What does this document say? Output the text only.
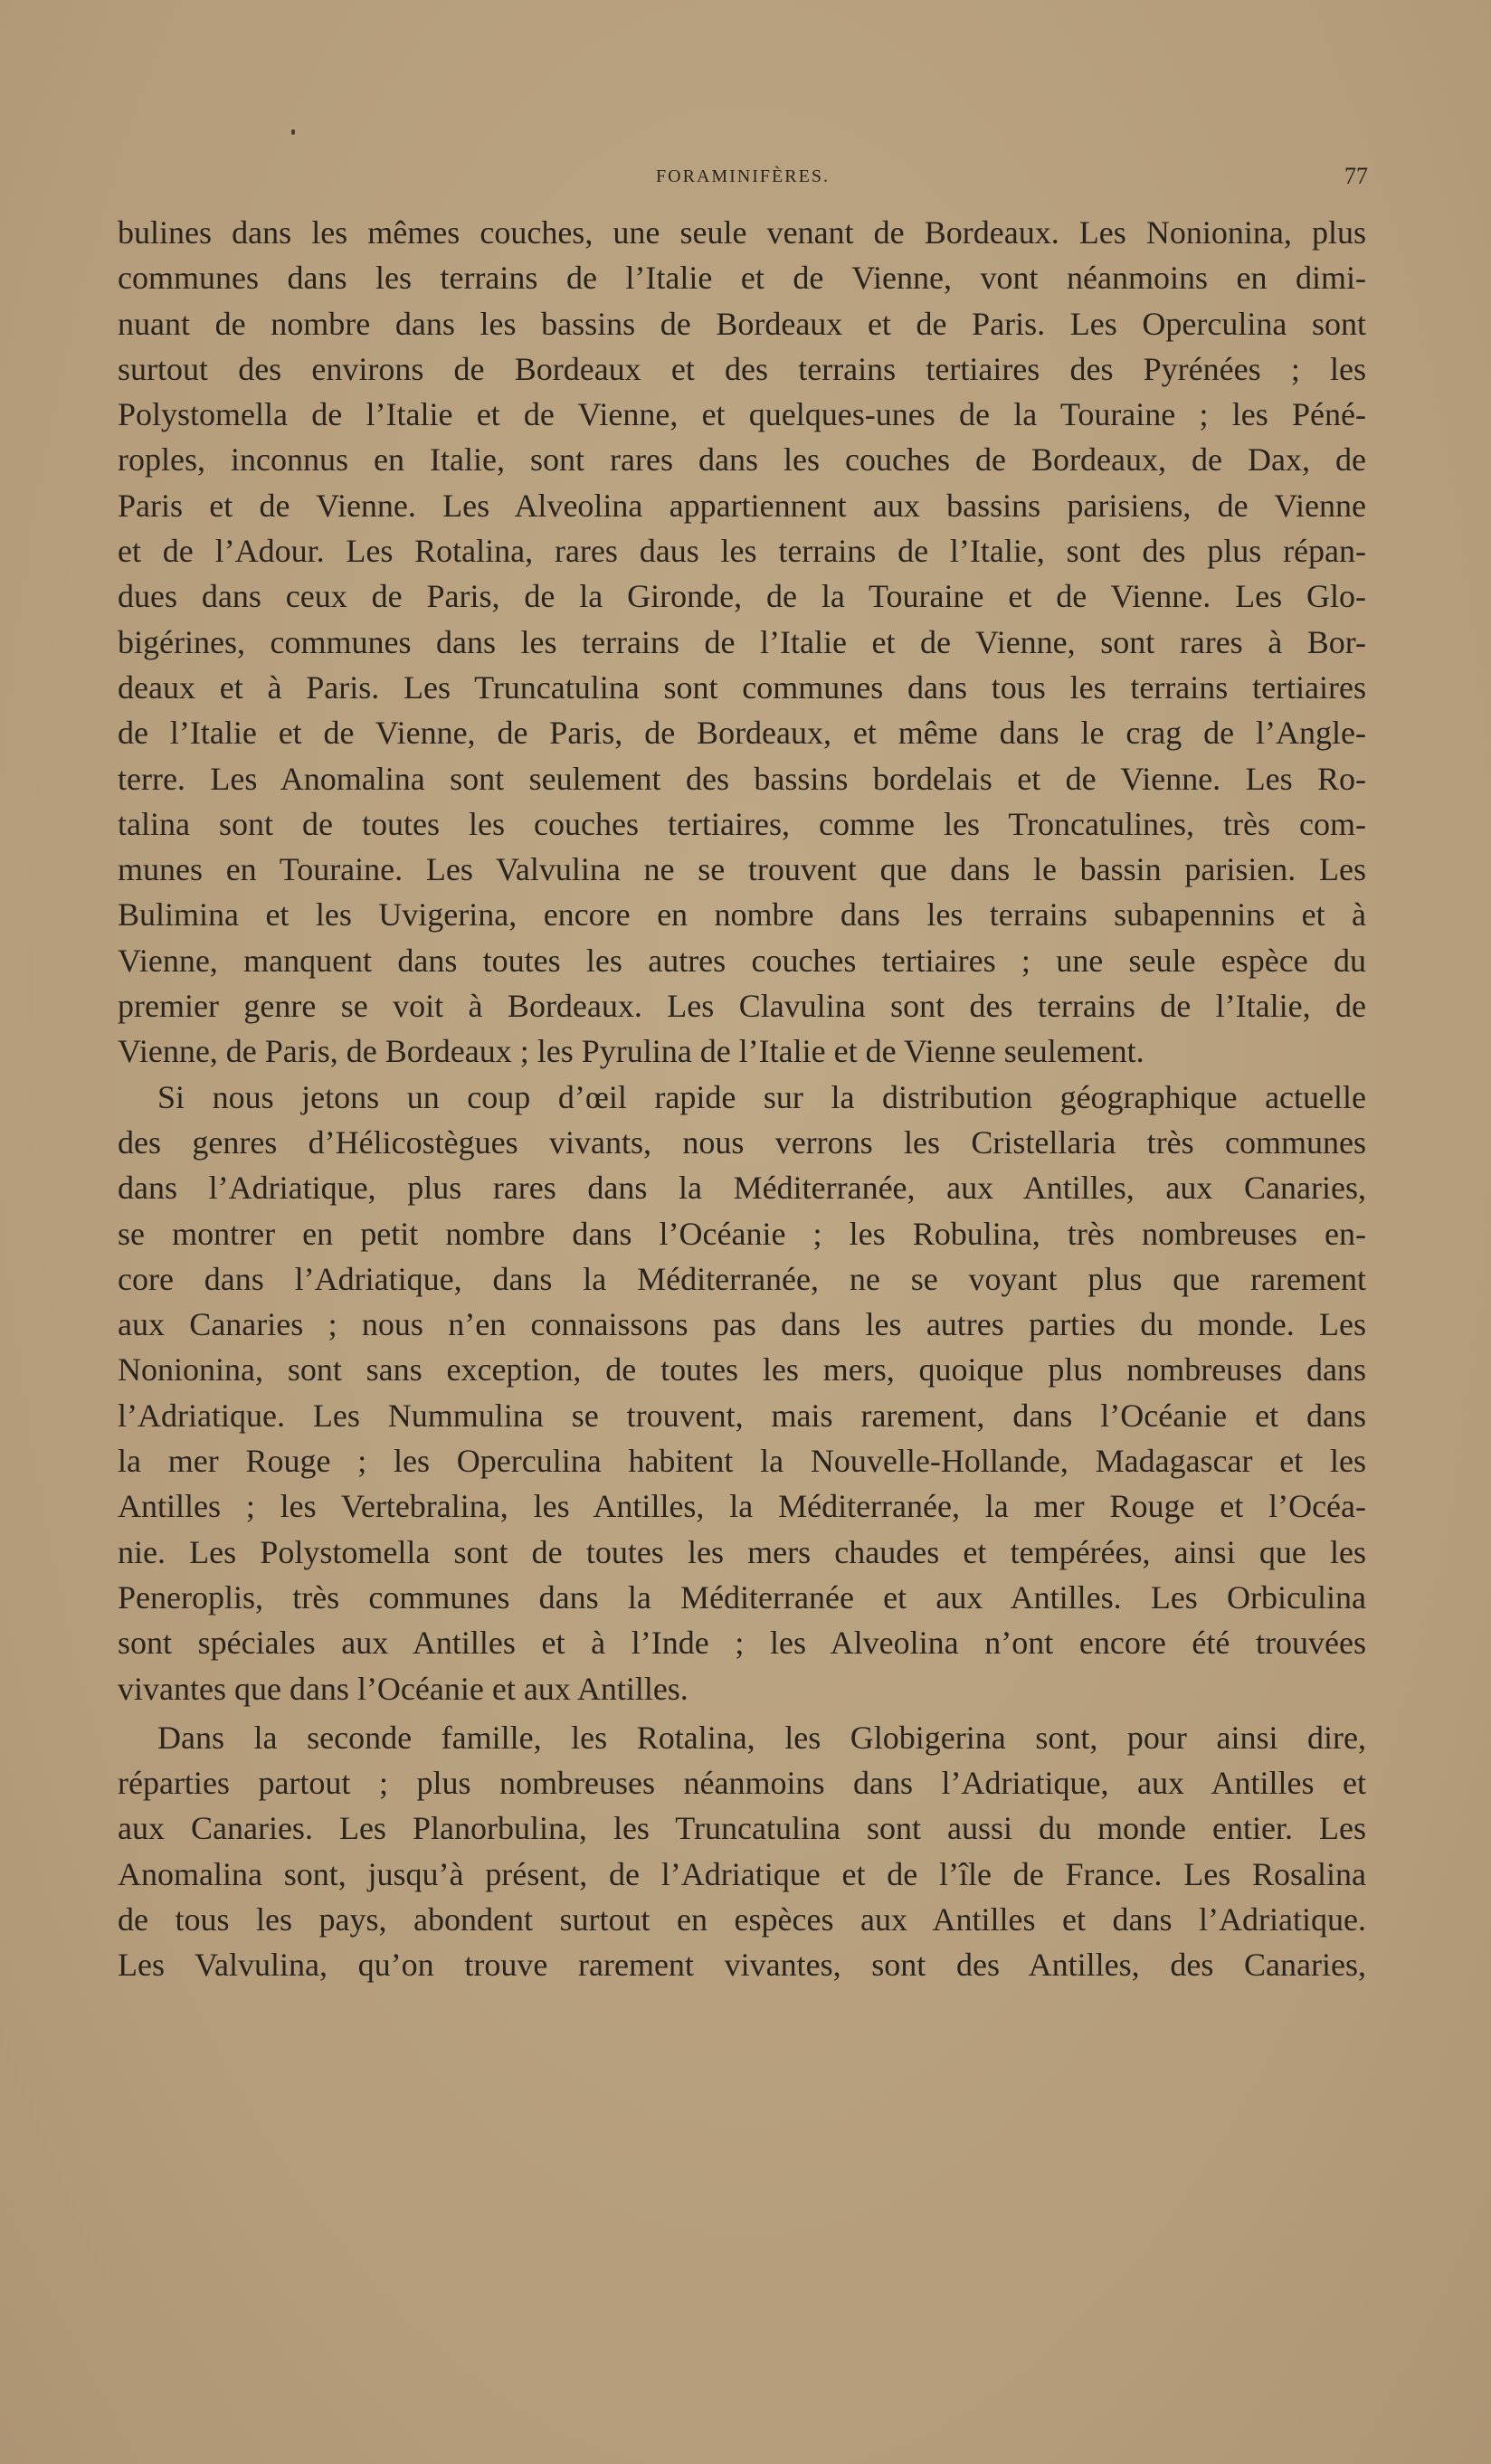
FORAMINIFÈRES.	77
bulines dans les mêmes couches, une seule venant de Bordeaux. Les Nonionina, plus
communes dans les terrains de l’Italie et de Vienne, vont néanmoins en dimi-
nuant de nombre dans les bassins de Bordeaux et de Paris. Les Operculina sont
surtout des environs de Bordeaux et des terrains tertiaires des Pyrénées ; les
Polystomella de l’Italie et de Vienne, et quelques-unes de la Touraine ; les Péné-
roples, inconnus en Italie, sont rares dans les couches de Bordeaux, de Dax, de
Paris et de Vienne. Les Alveolina appartiennent aux bassins parisiens, de Vienne
et de l’Adour. Les Rotalina, rares daus les terrains de l’Italie, sont des plus répan-
dues dans ceux de Paris, de la Gironde, de la Touraine et de Vienne. Les Glo-
bigérines, communes dans les terrains de l’Italie et de Vienne, sont rares à Bor-
deaux et à Paris. Les Truncatulina sont communes dans tous les terrains tertiaires
de l’Italie et de Vienne, de Paris, de Bordeaux, et même dans le crag de l’Angle-
terre. Les Anomalina sont seulement des bassins bordelais et de Vienne. Les Ro-
talina sont de toutes les couches tertiaires, comme les Troncatulines, très com-
munes en Touraine. Les Valvulina ne se trouvent que dans le bassin parisien. Les
Bulimina et les Uvigerina, encore en nombre dans les terrains subapennins et à
Vienne, manquent dans toutes les autres couches tertiaires ; une seule espèce du
premier genre se voit à Bordeaux. Les Clavulina sont des terrains de l’Italie, de
Vienne, de Paris, de Bordeaux ; les Pyrulina de l’Italie et de Vienne seulement.
Si nous jetons un coup d’œil rapide sur la distribution géographique actuelle
des genres d’Hélicostègues vivants, nous verrons les Cristellaria très communes
dans l’Adriatique, plus rares dans la Méditerranée, aux Antilles, aux Canaries,
se montrer en petit nombre dans l’Océanie ; les Robulina, très nombreuses en-
core dans l’Adriatique, dans la Méditerranée, ne se voyant plus que rarement
aux Canaries ; nous n’en connaissons pas dans les autres parties du monde. Les
Nonionina, sont sans exception, de toutes les mers, quoique plus nombreuses dans
l’Adriatique. Les Nummulina se trouvent, mais rarement, dans l’Océanie et dans
la mer Rouge ; les Operculina habitent la Nouvelle-Hollande, Madagascar et les
Antilles ; les Vertebralina, les Antilles, la Méditerranée, la mer Rouge et l’Océa-
nie. Les Polystomella sont de toutes les mers chaudes et tempérées, ainsi que les
Peneroplis, très communes dans la Méditerranée et aux Antilles. Les Orbiculina
sont spéciales aux Antilles et à l’Inde ; les Alveolina n’ont encore été trouvées
vivantes que dans l’Océanie et aux Antilles.
Dans la seconde famille, les Rotalina, les Globigerina sont, pour ainsi dire,
réparties partout ; plus nombreuses néanmoins dans l’Adriatique, aux Antilles et
aux Canaries. Les Planorbulina, les Truncatulina sont aussi du monde entier. Les
Anomalina sont, jusqu’à présent, de l’Adriatique et de l’île de France. Les Rosalina
de tous les pays, abondent surtout en espèces aux Antilles et dans l’Adriatique.
Les Valvulina, qu’on trouve rarement vivantes, sont des Antilles, des Canaries,
